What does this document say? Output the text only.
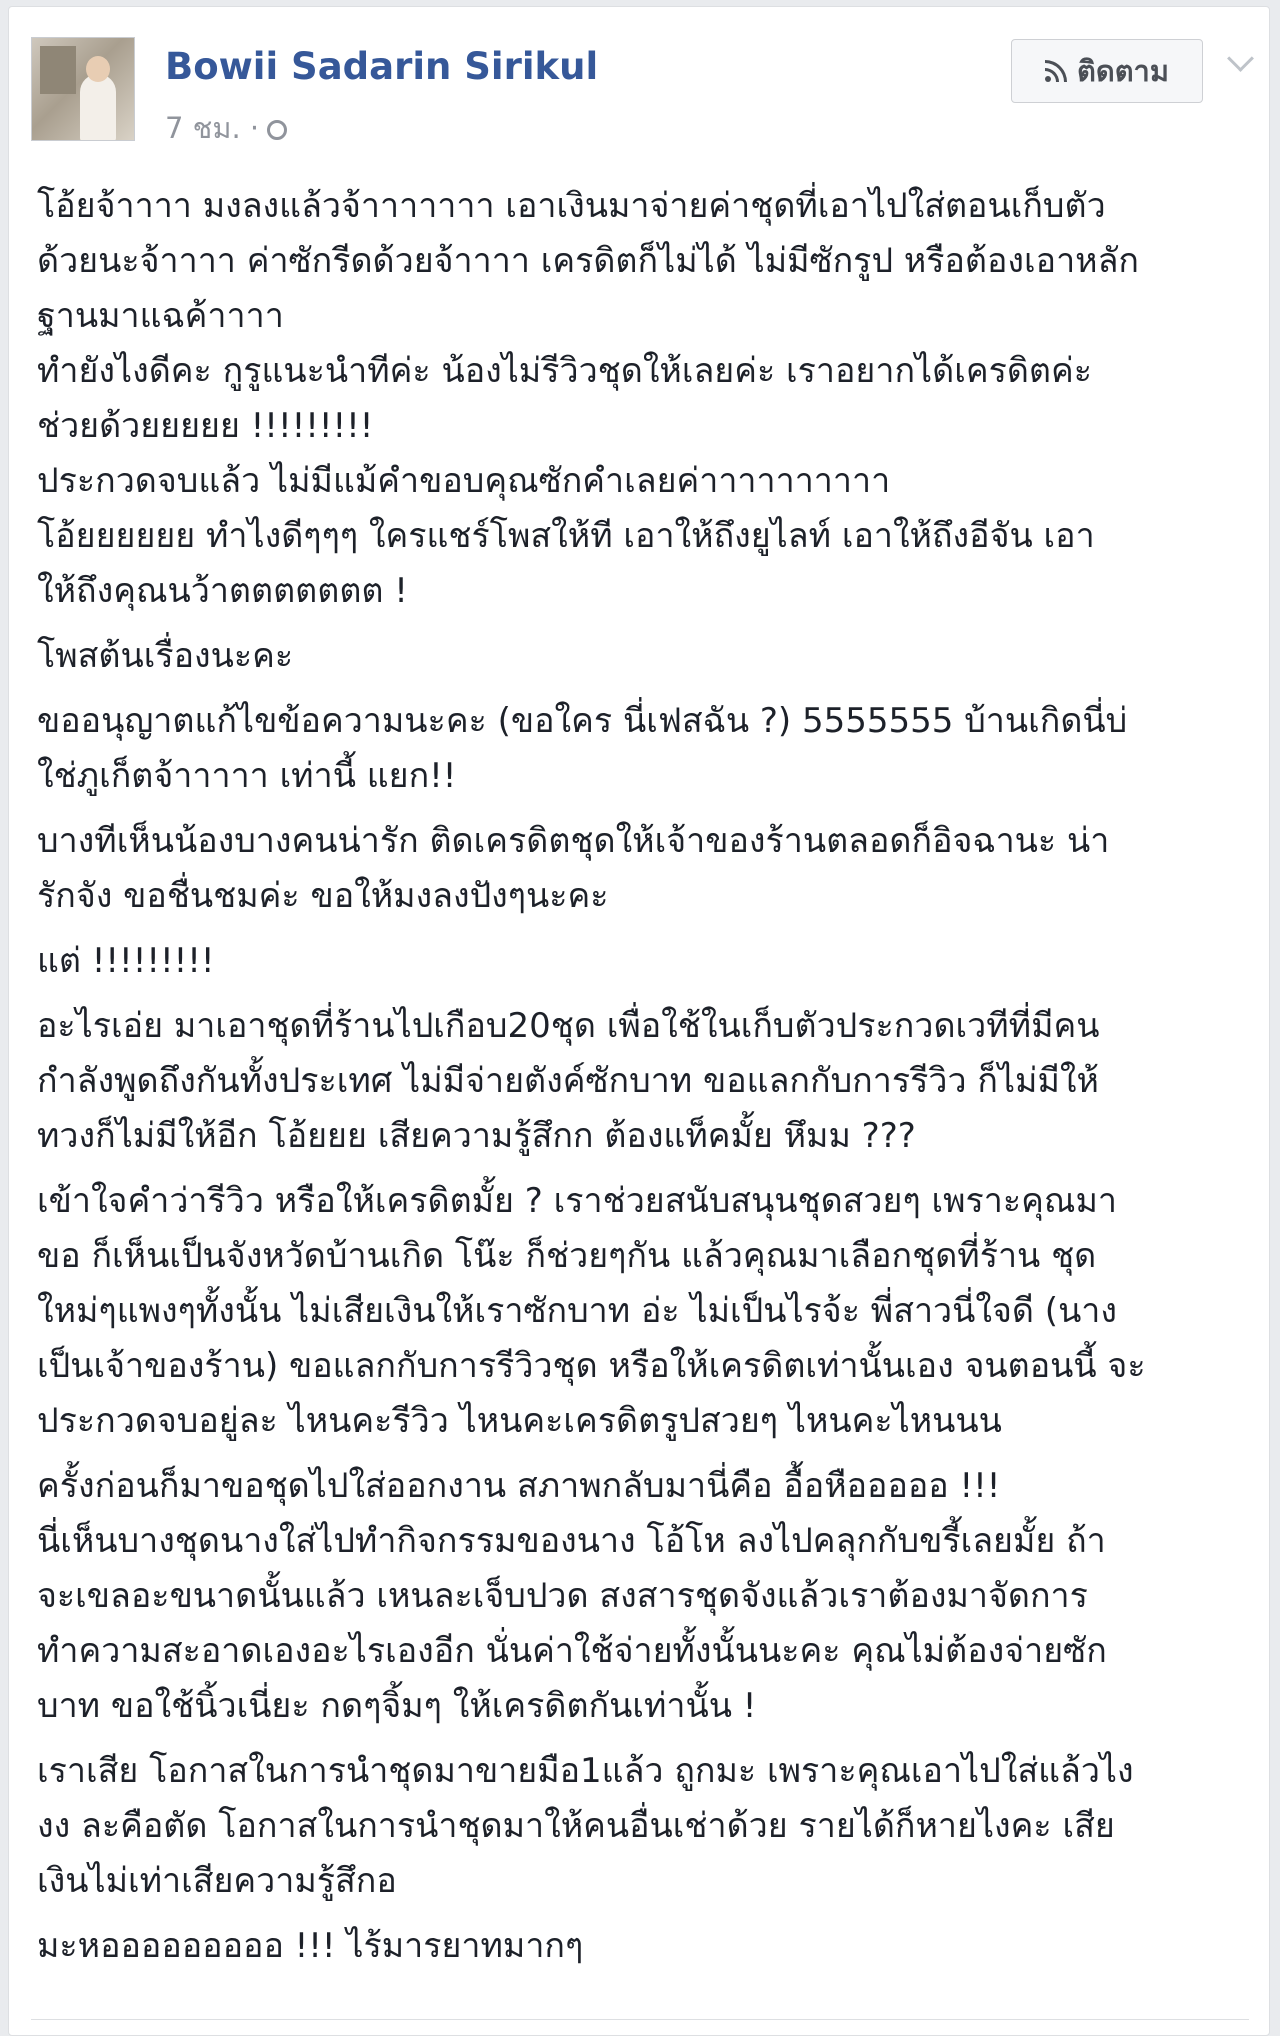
Bowii Sadarin Sirikul
7 ชม. ·
ติดตาม

โอ้ยจ้าาาา มงลงแล้วจ้าาาาาาา เอาเงินมาจ่ายค่าชุดที่เอาไปใส่ตอนเก็บตัว
ด้วยนะจ้าาาา ค่าซักรีดด้วยจ้าาาา เครดิตก็ไม่ได้ ไม่มีซักรูป หรือต้องเอาหลัก
ฐานมาแฉค้าาาา
ทำยังไงดีคะ กูรูแนะนำทีค่ะ น้องไม่รีวิวชุดให้เลยค่ะ เราอยากได้เครดิตค่ะ
ช่วยด้วยยยยย !!!!!!!!!
ประกวดจบแล้ว ไม่มีแม้คำขอบคุณซักคำเลยค่าาาาาาาาาา
โอ้ยยยยยย ทำไงดีๆๆๆ ใครแชร์โพสให้ที เอาให้ถึงยูไลท์ เอาให้ถึงอีจัน เอา
ให้ถึงคุณนว้าตตตตตตต !

โพสต้นเรื่องนะคะ

ขออนุญาตแก้ไขข้อความนะคะ (ขอใคร นี่เฟสฉัน ?) 5555555 บ้านเกิดนี่บ่
ใช่ภูเก็ตจ้าาาาา เท่านี้ แยก!!

บางทีเห็นน้องบางคนน่ารัก ติดเครดิตชุดให้เจ้าของร้านตลอดก็อิจฉานะ น่า
รักจัง ขอชื่นชมค่ะ ขอให้มงลงปังๆนะคะ

แต่ !!!!!!!!!

อะไรเอ่ย มาเอาชุดที่ร้านไปเกือบ20ชุด เพื่อใช้ในเก็บตัวประกวดเวทีที่มีคน
กำลังพูดถึงกันทั้งประเทศ ไม่มีจ่ายตังค์ซักบาท ขอแลกกับการรีวิว ก็ไม่มีให้
ทวงก็ไม่มีให้อีก โอ้ยยย เสียความรู้สึกก ต้องแท็คมั้ย หึมม ???

เข้าใจคำว่ารีวิว หรือให้เครดิตมั้ย ? เราช่วยสนับสนุนชุดสวยๆ เพราะคุณมา
ขอ ก็เห็นเป็นจังหวัดบ้านเกิด โน๊ะ ก็ช่วยๆกัน แล้วคุณมาเลือกชุดที่ร้าน ชุด
ใหม่ๆแพงๆทั้งนั้น ไม่เสียเงินให้เราซักบาท อ่ะ ไม่เป็นไรจ้ะ พี่สาวนี่ใจดี (นาง
เป็นเจ้าของร้าน) ขอแลกกับการรีวิวชุด หรือให้เครดิตเท่านั้นเอง จนตอนนี้ จะ
ประกวดจบอยู่ละ ไหนคะรีวิว ไหนคะเครดิตรูปสวยๆ ไหนคะไหนนน

ครั้งก่อนก็มาขอชุดไปใส่ออกงาน สภาพกลับมานี่คือ อื้อหือออออ !!!
นี่เห็นบางชุดนางใส่ไปทำกิจกรรมของนาง โอ้โห ลงไปคลุกกับขรี้เลยมั้ย ถ้า
จะเขลอะขนาดนั้นแล้ว เหนละเจ็บปวด สงสารชุดจังแล้วเราต้องมาจัดการ
ทำความสะอาดเองอะไรเองอีก นั่นค่าใช้จ่ายทั้งนั้นนะคะ คุณไม่ต้องจ่ายซัก
บาท ขอใช้นิ้วเนี่ยะ กดๆจิ้มๆ ให้เครดิตกันเท่านั้น !

เราเสีย โอกาสในการนำชุดมาขายมือ1แล้ว ถูกมะ เพราะคุณเอาไปใส่แล้วไง
งง ละคือตัด โอกาสในการนำชุดมาให้คนอื่นเช่าด้วย รายได้ก็หายไงคะ เสีย
เงินไม่เท่าเสียความรู้สึกอ

มะหอออออออออ !!! ไร้มารยาทมากๆ
